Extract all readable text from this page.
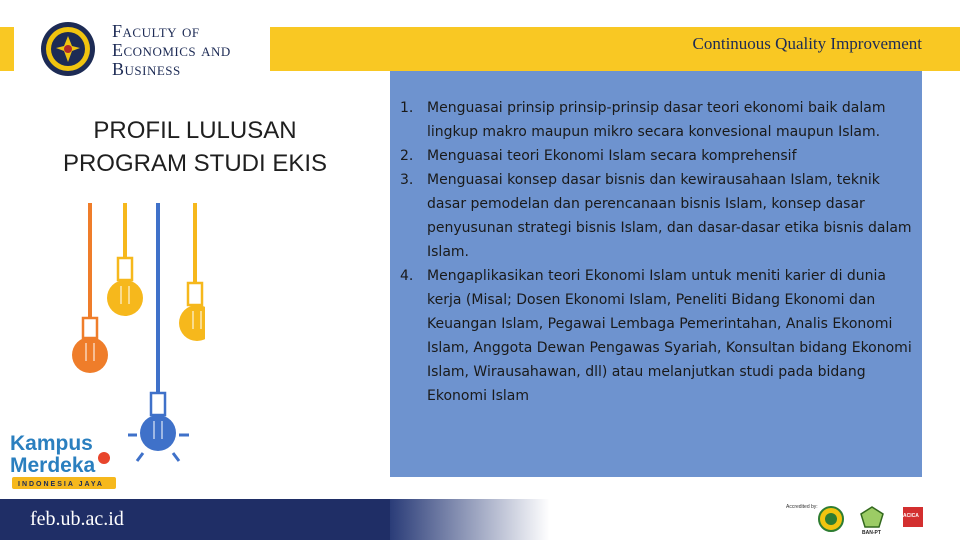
Continuous Quality Improvement
Faculty of
Economics and
Business
PROFIL LULUSAN
PROGRAM STUDI EKIS
Kampus
Merdeka
INDONESIA JAYA
1. Menguasai prinsip prinsip-prinsip dasar teori ekonomi baik dalam lingkup makro maupun mikro secara konvesional maupun Islam.
2. Menguasai teori Ekonomi Islam secara komprehensif
3. Menguasai konsep dasar bisnis dan kewirausahaan Islam, teknik dasar pemodelan dan perencanaan bisnis Islam, konsep dasar penyusunan strategi bisnis Islam, dan dasar-dasar etika bisnis dalam Islam.
4. Mengaplikasikan teori Ekonomi Islam untuk meniti karier di dunia kerja (Misal; Dosen Ekonomi Islam, Peneliti Bidang Ekonomi dan Keuangan Islam, Pegawai Lembaga Pemerintahan, Analis Ekonomi Islam, Anggota Dewan Pengawas Syariah, Konsultan bidang Ekonomi Islam, Wirausahawan, dll) atau melanjutkan studi pada bidang Ekonomi Islam
feb.ub.ac.id
Accredited by:
BAN-PT
ACICA
